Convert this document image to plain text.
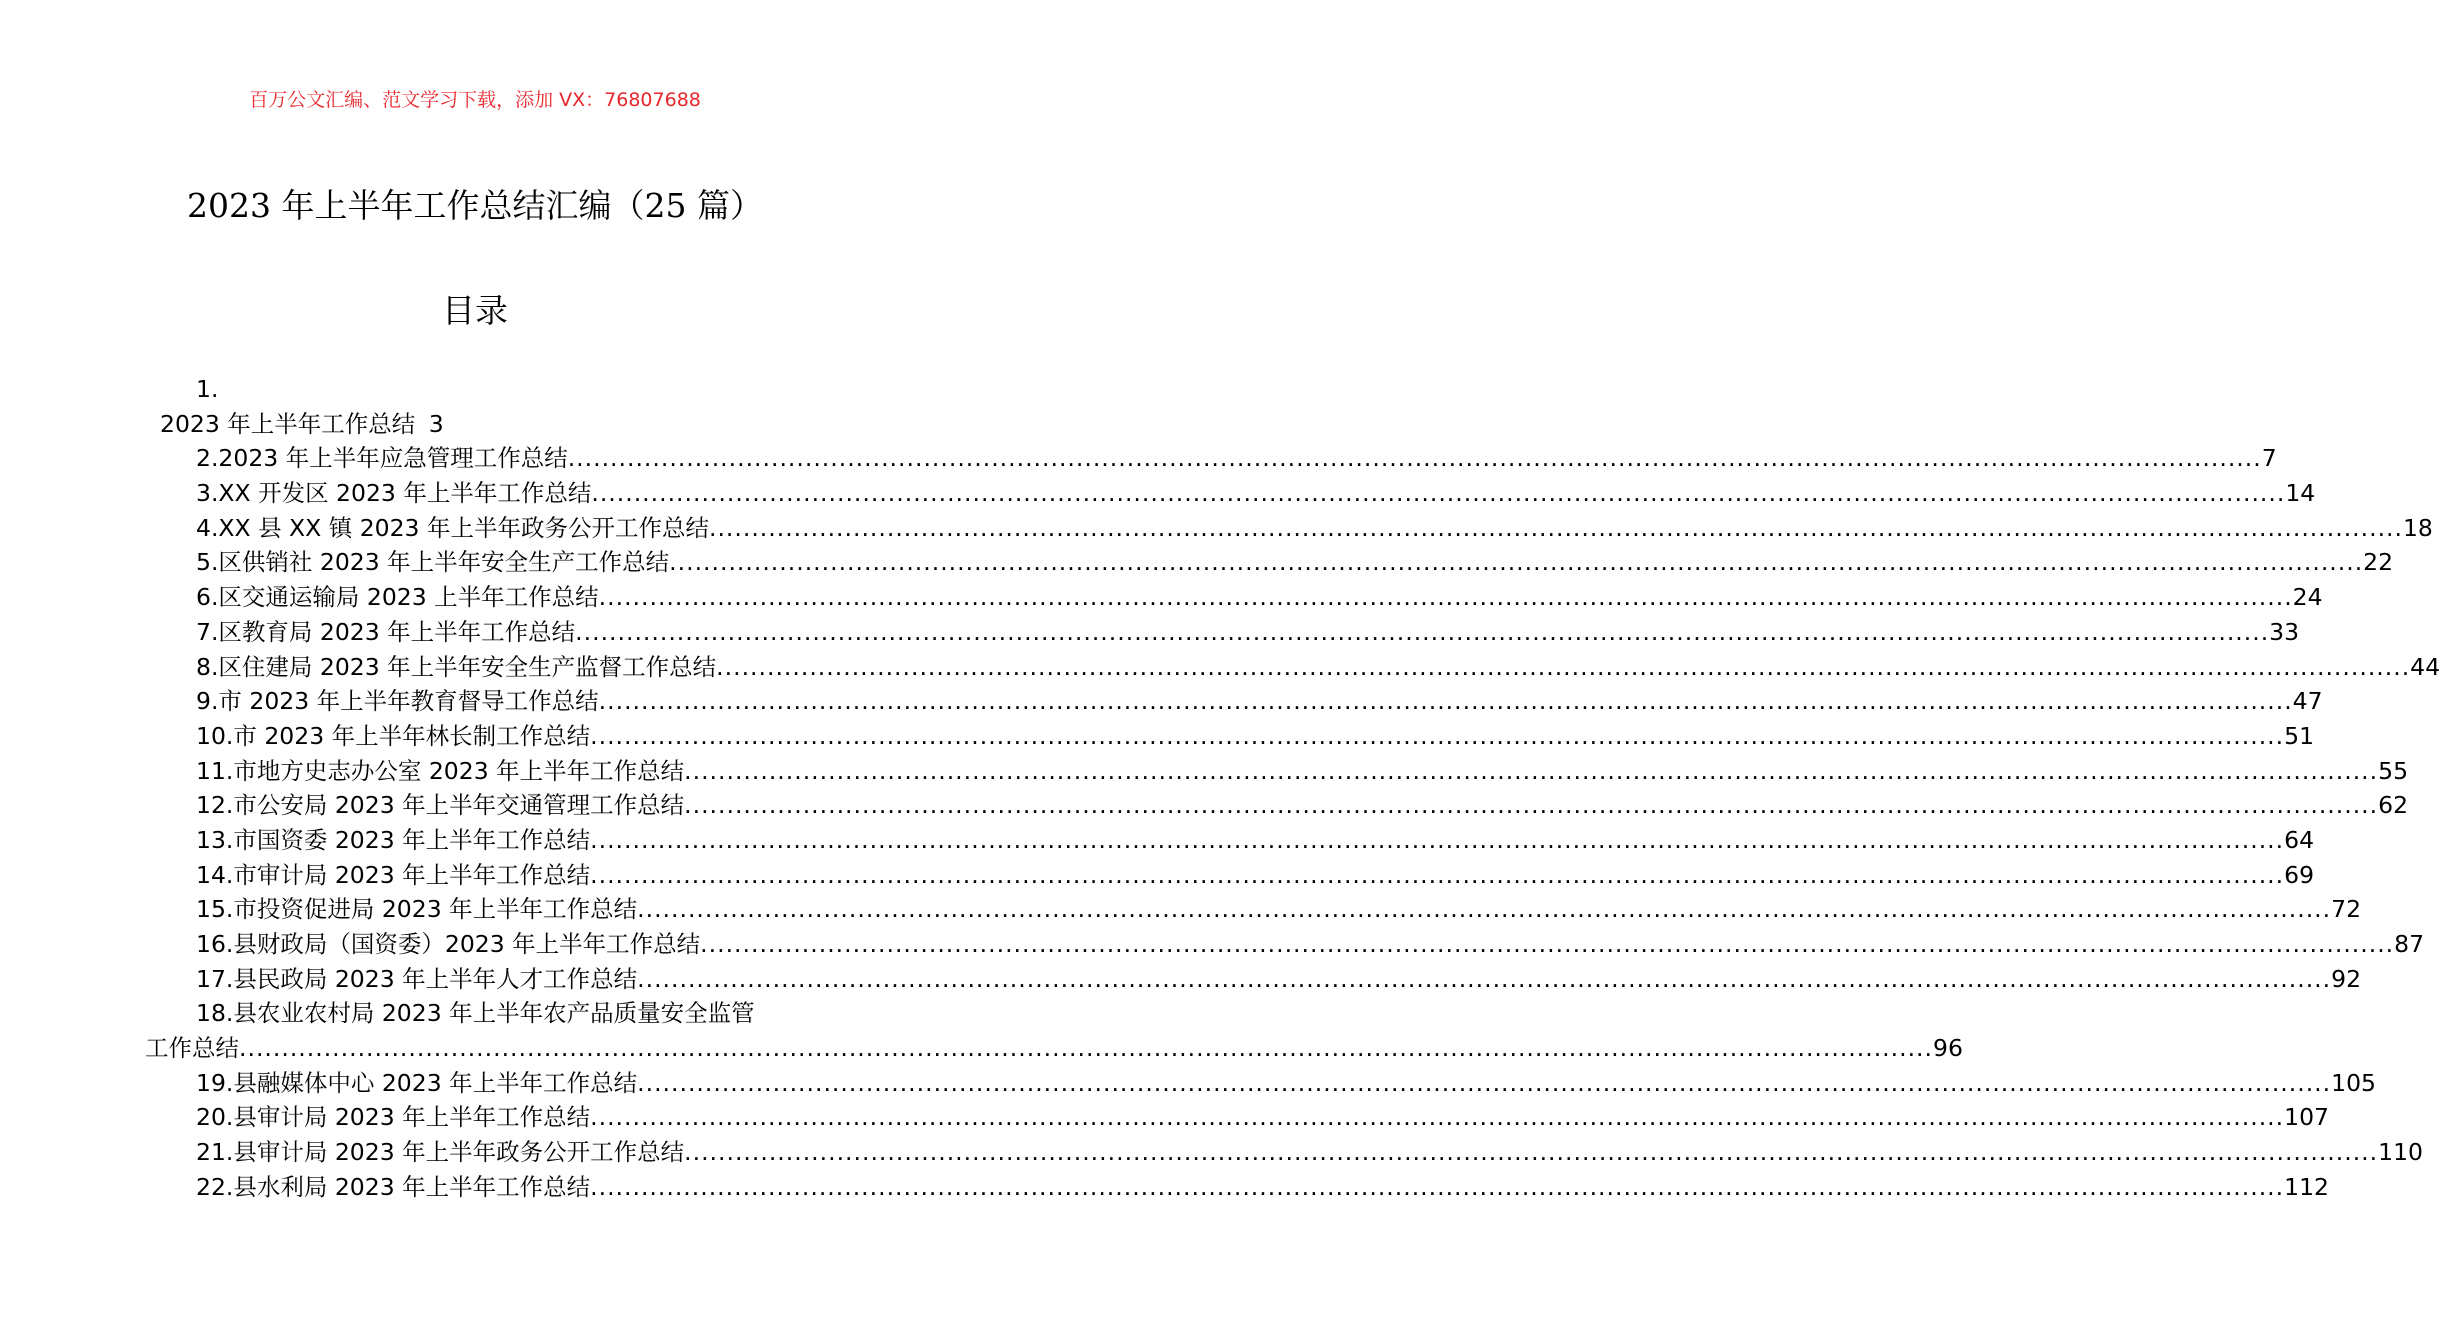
百万公文汇编、范文学习下载，添加 VX：76807688
2023 年上半年工作总结汇编（25 篇）
目录
1.
2023 年上半年工作总结 3
2.2023 年上半年应急管理工作总结 ........................................................................................................................................................................................................ 7
3.XX 开发区 2023 年上半年工作总结 ........................................................................................................................................................................................................ 14
4.XX 县 XX 镇 2023 年上半年政务公开工作总结 ........................................................................................................................................................................................................ 18
5.区供销社 2023 年上半年安全生产工作总结 ........................................................................................................................................................................................................ 22
6.区交通运输局 2023 上半年工作总结 ........................................................................................................................................................................................................ 24
7.区教育局 2023 年上半年工作总结 ........................................................................................................................................................................................................ 33
8.区住建局 2023 年上半年安全生产监督工作总结 ........................................................................................................................................................................................................ 44
9.市 2023 年上半年教育督导工作总结 ........................................................................................................................................................................................................ 47
10.市 2023 年上半年林长制工作总结 ........................................................................................................................................................................................................ 51
11.市地方史志办公室 2023 年上半年工作总结 ........................................................................................................................................................................................................ 55
12.市公安局 2023 年上半年交通管理工作总结 ........................................................................................................................................................................................................ 62
13.市国资委 2023 年上半年工作总结 ........................................................................................................................................................................................................ 64
14.市审计局 2023 年上半年工作总结 ........................................................................................................................................................................................................ 69
15.市投资促进局 2023 年上半年工作总结 ........................................................................................................................................................................................................ 72
16.县财政局（国资委）2023 年上半年工作总结 ........................................................................................................................................................................................................ 87
17.县民政局 2023 年上半年人才工作总结 ........................................................................................................................................................................................................ 92
18.县农业农村局 2023 年上半年农产品质量安全监管
工作总结 ........................................................................................................................................................................................................ 96
19.县融媒体中心 2023 年上半年工作总结 ........................................................................................................................................................................................................ 105
20.县审计局 2023 年上半年工作总结 ........................................................................................................................................................................................................ 107
21.县审计局 2023 年上半年政务公开工作总结 ........................................................................................................................................................................................................ 110
22.县水利局 2023 年上半年工作总结 ........................................................................................................................................................................................................ 112
